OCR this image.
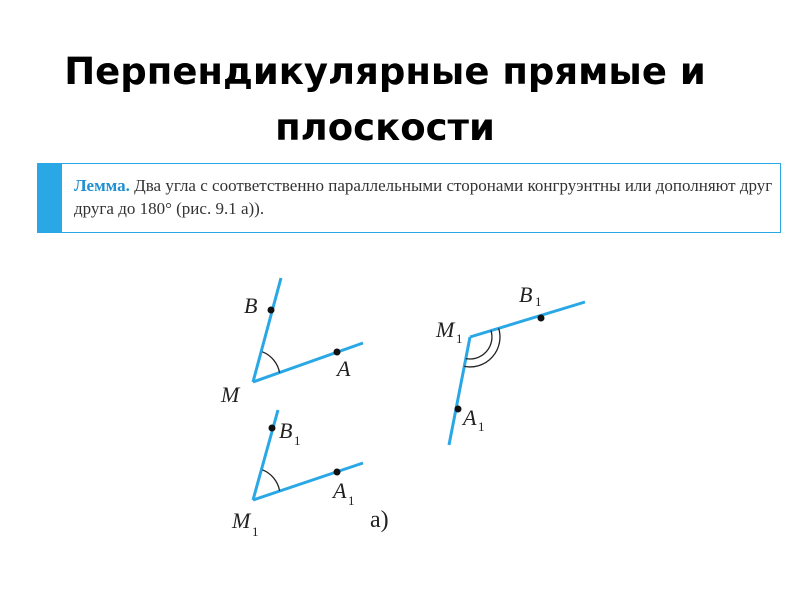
Перпендикулярные прямые и
плоскости
Лемма. Два угла с соответственно параллельными сторонами конгруэнтны или дополняют друг друга до 180° (рис. 9.1 а)).
B
A
M
B 1
A 1
M 1
B 1
M 1
A 1
а)
